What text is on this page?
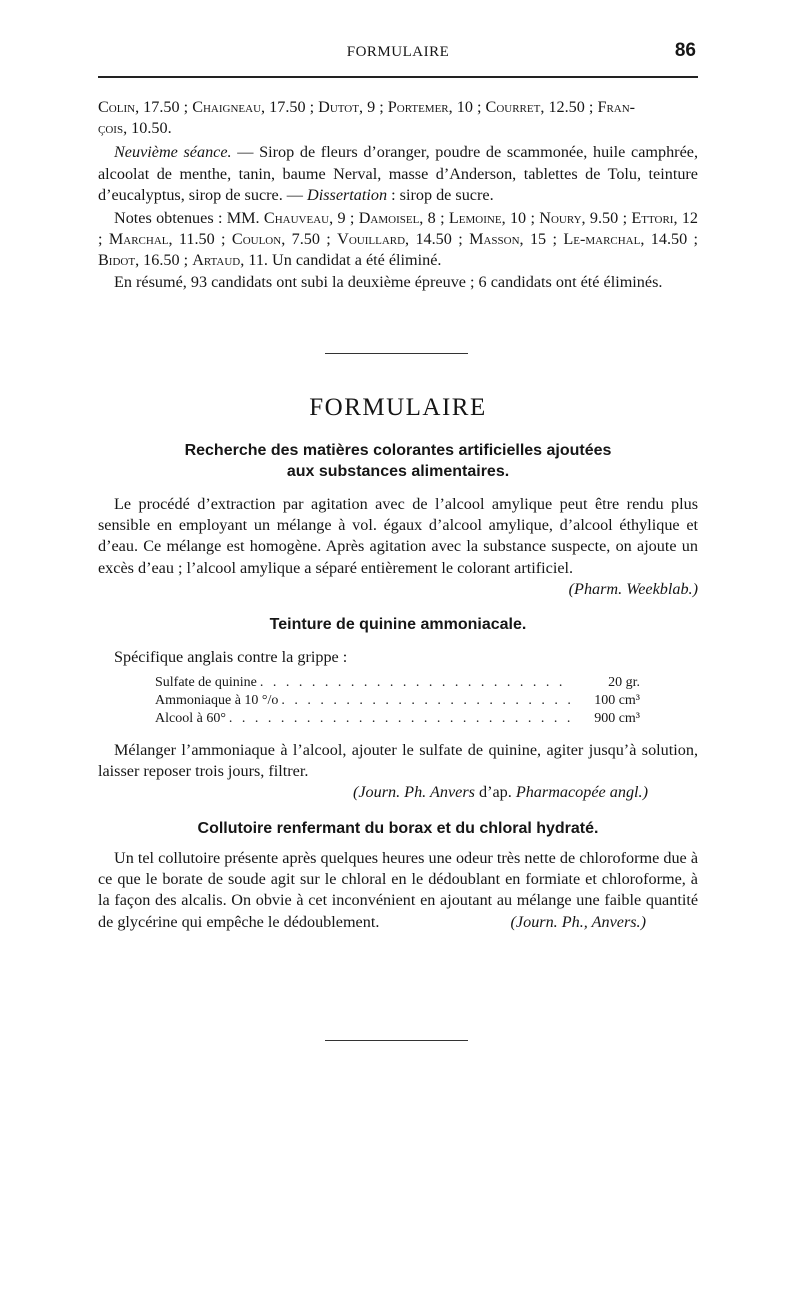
FORMULAIRE	86

Colin, 17.50 ; Chaigneau, 17.50 ; Dutot, 9 ; Portemer, 10 ; Courret, 12.50 ; Fran-

çois, 10.50.

Neuvième séance. — Sirop de fleurs d’oranger, poudre de scammonée, huile camphrée, alcoolat de menthe, tanin, baume Nerval, masse d’Anderson, tablettes de Tolu, teinture d’eucalyptus, sirop de sucre. — Dissertation : sirop de sucre.

Notes obtenues : MM. Chauveau, 9 ; Damoisel, 8 ; Lemoine, 10 ; Noury, 9.50 ; Ettori, 12 ; Marchal, 11.50 ; Coulon, 7.50 ; Vouillard, 14.50 ; Masson, 15 ; Le-marchal, 14.50 ; Bidot, 16.50 ; Artaud, 11. Un candidat a été éliminé.

En résumé, 93 candidats ont subi la deuxième épreuve ; 6 candidats ont été éliminés.

FORMULAIRE
Recherche des matières colorantes artificielles ajoutées
aux substances alimentaires.

Le procédé d’extraction par agitation avec de l’alcool amylique peut être rendu plus sensible en employant un mélange à vol. égaux d’alcool amylique, d’alcool éthylique et d’eau. Ce mélange est homogène. Après agitation avec la substance suspecte, on ajoute un excès d’eau ; l’alcool amylique a séparé entièrement le colorant artificiel.
(Pharm. Weekblab.)

Teinture de quinine ammoniacale.

Spécifique anglais contre la grippe :

Sulfate de quinine . . .	20 gr.
Ammoniaque à 10 °/o . . .	100 cm³
Alcool à 60° . . .	900 cm³

Mélanger l’ammoniaque à l’alcool, ajouter le sulfate de quinine, agiter jusqu’à solution, laisser reposer trois jours, filtrer.

(Journ. Ph. Anvers d’ap. Pharmacopée angl.)
Collutoire renfermant du borax et du chloral hydraté.

Un tel collutoire présente après quelques heures une odeur très nette de chloroforme due à ce que le borate de soude agit sur le chloral en le dédoublant en formiate et chloroforme, à la façon des alcalis. On obvie à cet inconvénient en ajoutant au mélange une faible quantité de glycérine qui empêche le dédoublement.	(Journ. Ph., Anvers.)
